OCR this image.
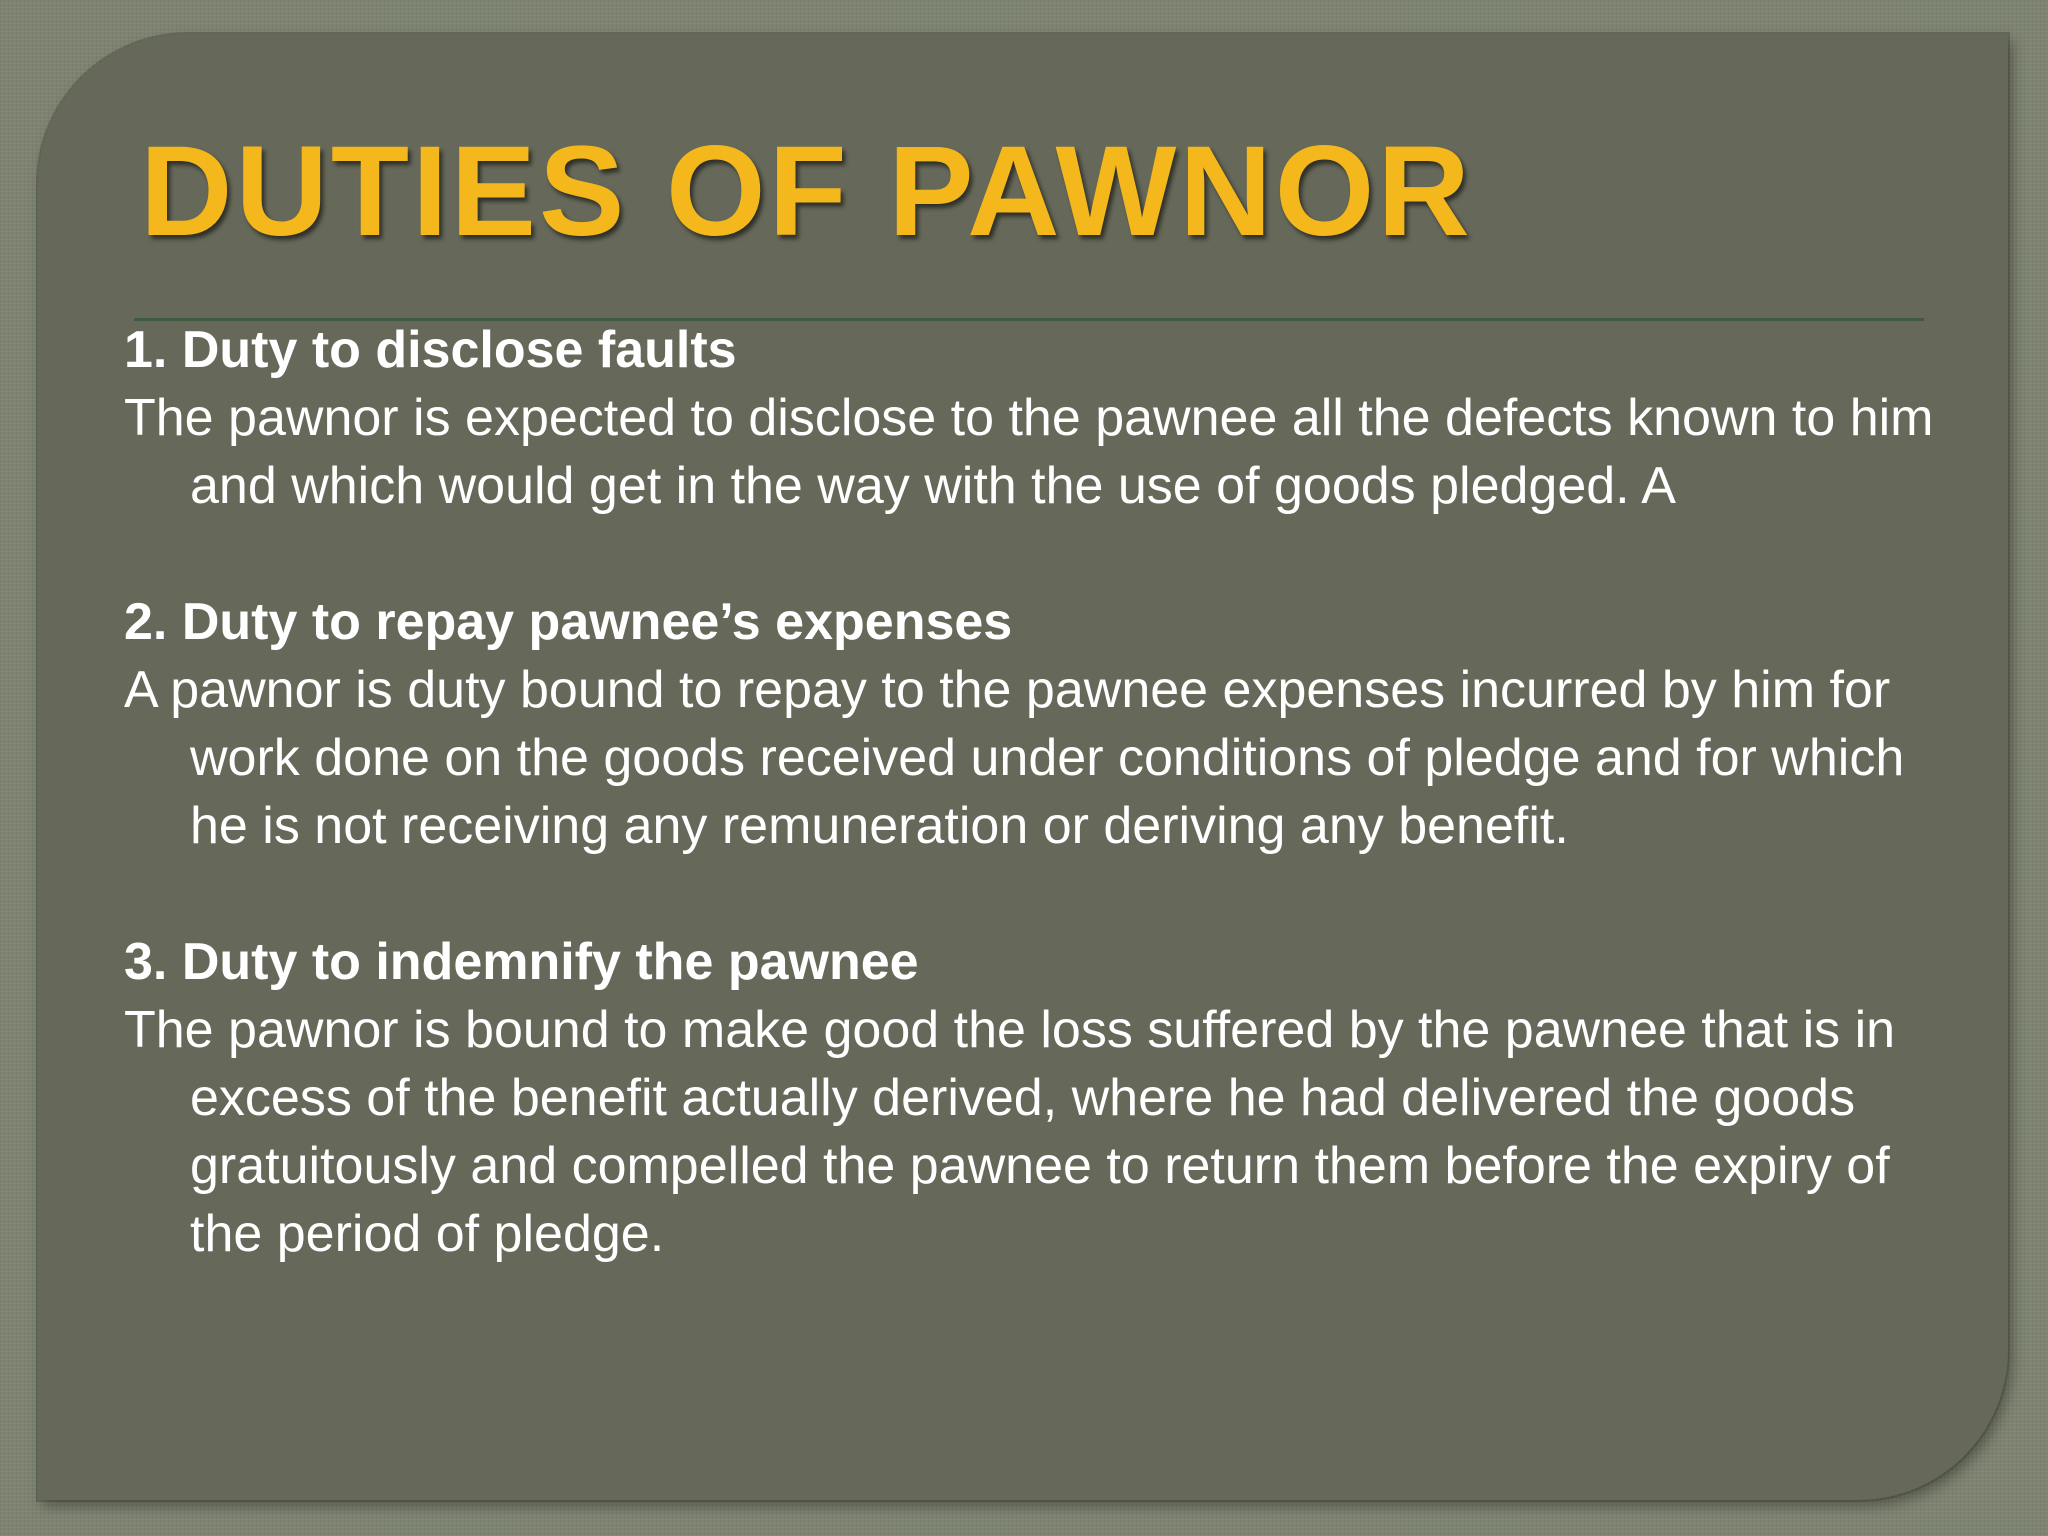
DUTIES OF PAWNOR

1. Duty to disclose faults

The pawnor is expected to disclose to the pawnee all the defects known to him and which would get in the way with the use of goods pledged. A

2. Duty to repay pawnee’s expenses

A pawnor is duty bound to repay to the pawnee expenses incurred by him for work done on the goods received under conditions of pledge and for which he is not receiving any remuneration or deriving any benefit.

3. Duty to indemnify the pawnee

The pawnor is bound to make good the loss suffered by the pawnee that is in excess of the benefit actually derived, where he had delivered the goods gratuitously and compelled the pawnee to return them before the expiry of the period of pledge.
